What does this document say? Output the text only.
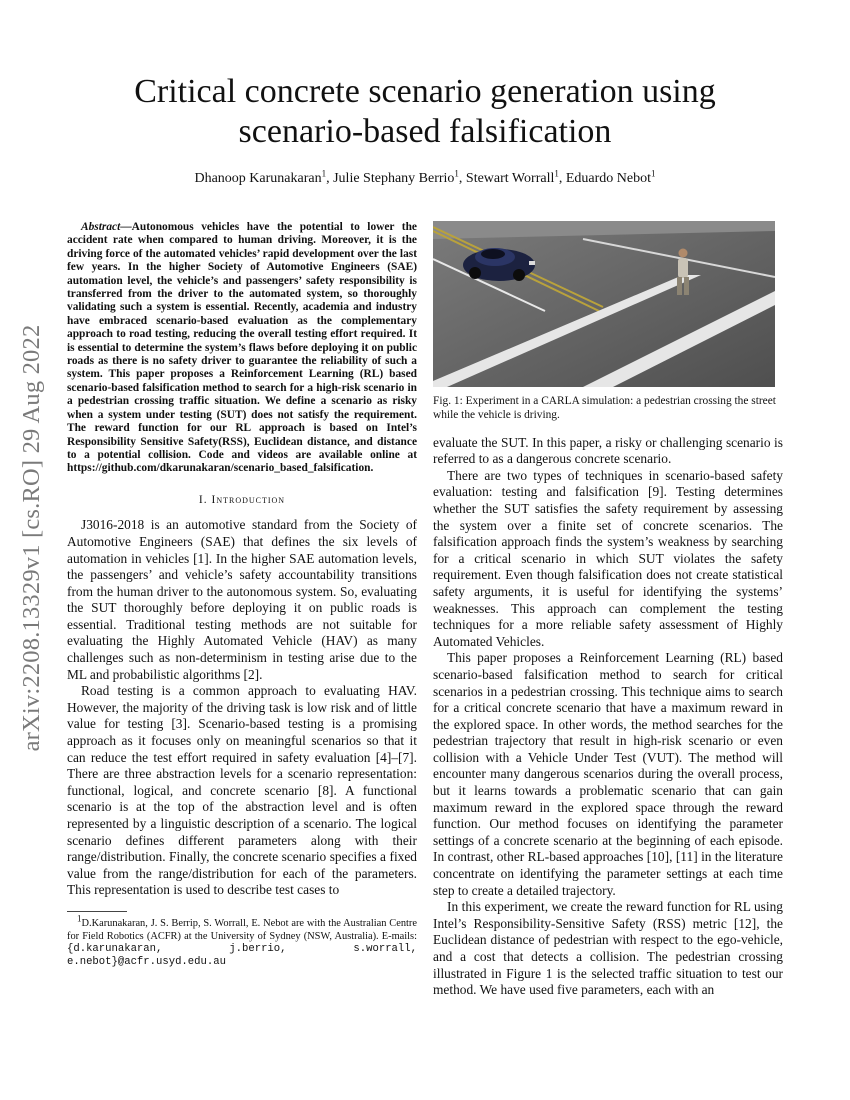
arXiv:2208.13329v1 [cs.RO] 29 Aug 2022
Critical concrete scenario generation using
scenario-based falsification
Dhanoop Karunakaran$^1$, Julie Stephany Berrio$^1$, Stewart Worrall$^1$, Eduardo Nebot$^1$

Abstract—Autonomous vehicles have the potential to lower the accident rate when compared to human driving. Moreover, it is the driving force of the automated vehicles’ rapid development over the last few years. In the higher Society of Automotive Engineers (SAE) automation level, the vehicle’s and passengers’ safety responsibility is transferred from the driver to the automated system, so thoroughly validating such a system is essential. Recently, academia and industry have embraced scenario-based evaluation as the complementary approach to road testing, reducing the overall testing effort required. It is essential to determine the system’s flaws before deploying it on public roads as there is no safety driver to guarantee the reliability of such a system. This paper proposes a Reinforcement Learning (RL) based scenario-based falsification method to search for a high-risk scenario in a pedestrian crossing traffic situation. We define a scenario as risky when a system under testing (SUT) does not satisfy the requirement. The reward function for our RL approach is based on Intel’s Responsibility Sensitive Safety(RSS), Euclidean distance, and distance to a potential collision. Code and videos are available online at https://github.com/dkarunakaran/scenario_based_falsification.

I. Introduction

J3016-2018 is an automotive standard from the Society of Automotive Engineers (SAE) that defines the six levels of automation in vehicles [1]. In the higher SAE automation levels, the passengers’ and vehicle’s safety accountability transitions from the human driver to the autonomous system. So, evaluating the SUT thoroughly before deploying it on public roads is essential. Traditional testing methods are not suitable for evaluating the Highly Automated Vehicle (HAV) as many challenges such as non-determinism in testing arise due to the ML and probabilistic algorithms [2].

Road testing is a common approach to evaluating HAV. However, the majority of the driving task is low risk and of little value for testing [3]. Scenario-based testing is a promising approach as it focuses only on meaningful scenarios so that it can reduce the test effort required in safety evaluation [4]–[7]. There are three abstraction levels for a scenario representation: functional, logical, and concrete scenario [8]. A functional scenario is at the top of the abstraction level and is often represented by a linguistic description of a scenario. The logical scenario defines different parameters along with their range/distribution. Finally, the concrete scenario specifies a fixed value from the range/distribution for each of the parameters. This representation is used to describe test cases to

$^1$D.Karunakaran, J. S. Berrip, S. Worrall, E. Nebot are with the Australian Centre for Field Robotics (ACFR) at the University of Sydney (NSW, Australia). E-mails: {d.karunakaran, j.berrio, s.worrall, e.nebot}@acfr.usyd.edu.au

Fig. 1: Experiment in a CARLA simulation: a pedestrian crossing the street while the vehicle is driving.

evaluate the SUT. In this paper, a risky or challenging scenario is referred to as a dangerous concrete scenario.

There are two types of techniques in scenario-based safety evaluation: testing and falsification [9]. Testing determines whether the SUT satisfies the safety requirement by assessing the system over a finite set of concrete scenarios. The falsification approach finds the system’s weakness by searching for a critical scenario in which SUT violates the safety requirement. Even though falsification does not create statistical safety arguments, it is useful for identifying the systems’ weaknesses. This approach can complement the testing techniques for a more reliable safety assessment of Highly Automated Vehicles.

This paper proposes a Reinforcement Learning (RL) based scenario-based falsification method to search for critical scenarios in a pedestrian crossing. This technique aims to search for a critical concrete scenario that have a maximum reward in the explored space. In other words, the method searches for the pedestrian trajectory that result in high-risk scenario or even collision with a Vehicle Under Test (VUT). The method will encounter many dangerous scenarios during the overall process, but it learns towards a problematic scenario that can gain maximum reward in the explored space through the reward function. Our method focuses on identifying the parameter settings of a concrete scenario at the beginning of each episode. In contrast, other RL-based approaches [10], [11] in the literature concentrate on identifying the parameter settings at each time step to create a detailed trajectory.

In this experiment, we create the reward function for RL using Intel’s Responsibility-Sensitive Safety (RSS) metric [12], the Euclidean distance of pedestrian with respect to the ego-vehicle, and a cost that detects a collision. The pedestrian crossing illustrated in Figure 1 is the selected traffic situation to test our method. We have used five parameters, each with an
